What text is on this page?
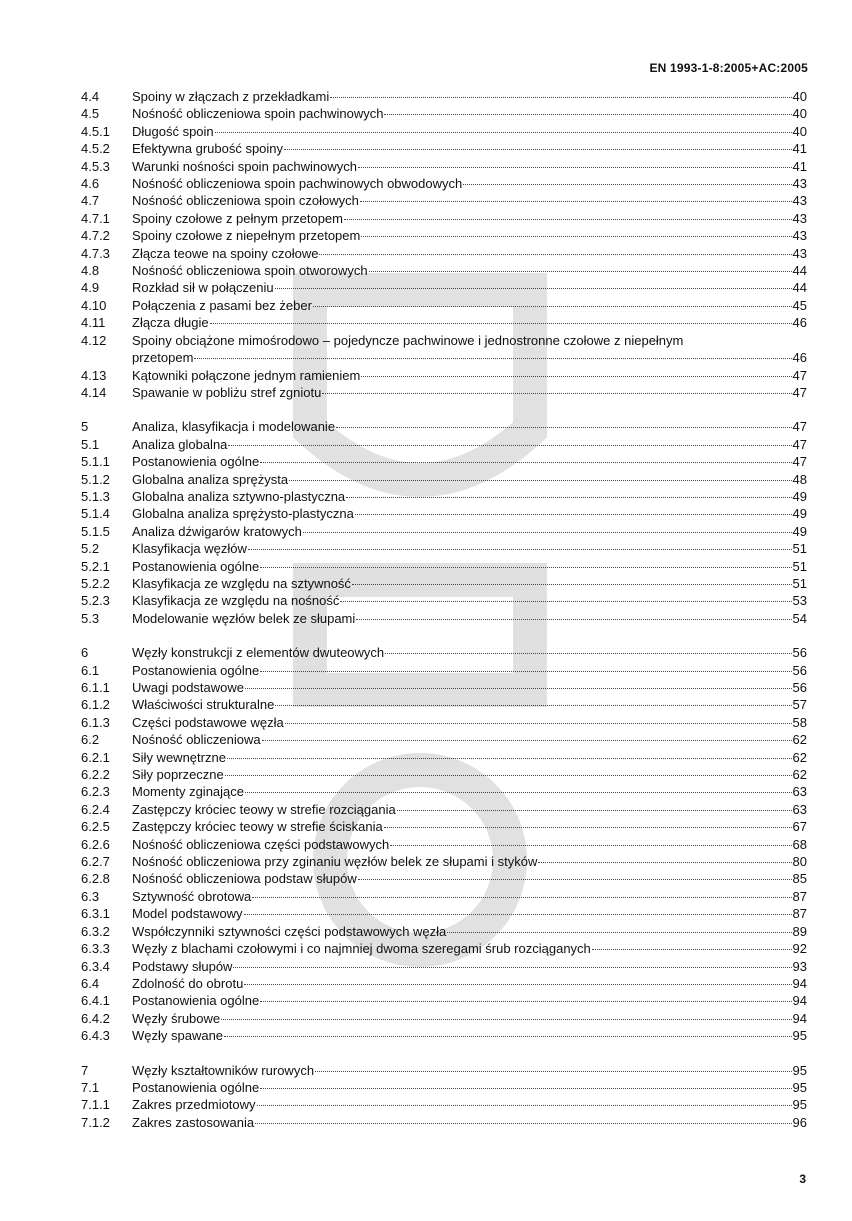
EN 1993-1-8:2005+AC:2005
4.4	Spoiny w złączach z przekładkami	40
4.5	Nośność obliczeniowa spoin pachwinowych	40
4.5.1	Długość spoin	40
4.5.2	Efektywna grubość spoiny	41
4.5.3	Warunki nośności spoin pachwinowych	41
4.6	Nośność obliczeniowa spoin pachwinowych obwodowych	43
4.7	Nośność obliczeniowa spoin czołowych	43
4.7.1	Spoiny czołowe z pełnym przetopem	43
4.7.2	Spoiny czołowe z niepełnym przetopem	43
4.7.3	Złącza teowe na spoiny czołowe	43
4.8	Nośność obliczeniowa spoin otworowych	44
4.9	Rozkład sił w połączeniu	44
4.10	Połączenia z pasami bez żeber	45
4.11	Złącza długie	46
4.12	Spoiny obciążone mimośrodowo – pojedyncze pachwinowe i jednostronne czołowe z niepełnym
przetopem	46
4.13	Kątowniki połączone jednym ramieniem	47
4.14	Spawanie w pobliżu stref zgniotu	47
5	Analiza, klasyfikacja i modelowanie	47
5.1	Analiza globalna	47
5.1.1	Postanowienia ogólne	47
5.1.2	Globalna analiza sprężysta	48
5.1.3	Globalna analiza sztywno-plastyczna	49
5.1.4	Globalna analiza sprężysto-plastyczna	49
5.1.5	Analiza dźwigarów kratowych	49
5.2	Klasyfikacja węzłów	51
5.2.1	Postanowienia ogólne	51
5.2.2	Klasyfikacja ze względu na sztywność	51
5.2.3	Klasyfikacja ze względu na nośność	53
5.3	Modelowanie węzłów belek ze słupami	54
6	Węzły konstrukcji z elementów dwuteowych	56
6.1	Postanowienia ogólne	56
6.1.1	Uwagi podstawowe	56
6.1.2	Właściwości strukturalne	57
6.1.3	Części podstawowe węzła	58
6.2	Nośność obliczeniowa	62
6.2.1	Siły wewnętrzne	62
6.2.2	Siły poprzeczne	62
6.2.3	Momenty zginające	63
6.2.4	Zastępczy króciec teowy w strefie rozciągania	63
6.2.5	Zastępczy króciec teowy w strefie ściskania	67
6.2.6	Nośność obliczeniowa części podstawowych	68
6.2.7	Nośność obliczeniowa przy zginaniu węzłów belek ze słupami i styków	80
6.2.8	Nośność obliczeniowa podstaw słupów	85
6.3	Sztywność obrotowa	87
6.3.1	Model podstawowy	87
6.3.2	Współczynniki sztywności części podstawowych węzła	89
6.3.3	Węzły z blachami czołowymi i co najmniej dwoma szeregami śrub rozciąganych	92
6.3.4	Podstawy słupów	93
6.4	Zdolność do obrotu	94
6.4.1	Postanowienia ogólne	94
6.4.2	Węzły śrubowe	94
6.4.3	Węzły spawane	95
7	Węzły kształtowników rurowych	95
7.1	Postanowienia ogólne	95
7.1.1	Zakres przedmiotowy	95
7.1.2	Zakres zastosowania	96
3
